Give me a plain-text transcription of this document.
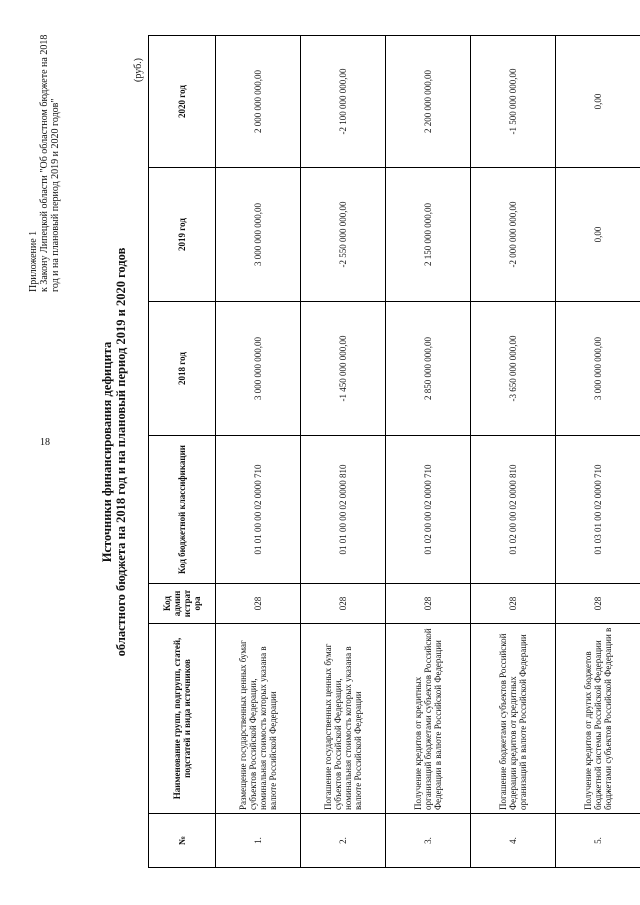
18
Приложение 1 к Закону Липецкой области "Об областном бюджете на 2018 год и на плановый период 2019 и 2020 годов"
Источники финансирования дефицита областного бюджета на 2018 год и на плановый период 2019 и 2020 годов
(руб.)
№	Наименование групп, подгрупп, статей, подстатей и вида источников	Код админ истрат ора	Код бюджетной классификации	2018 год	2019 год	2020 год
1.	Размещение государственных ценных бумаг субъектов Российской Федерации, номинальная стоимость которых указана в валюте Российской Федерации	028	01 01 00 00 02 0000 710	3 000 000 000,00	3 000 000 000,00	2 000 000 000,00
2.	Погашение государственных ценных бумаг субъектов Российской Федерации, номинальная стоимость которых указана в валюте Российской Федерации	028	01 01 00 00 02 0000 810	-1 450 000 000,00	-2 550 000 000,00	-2 100 000 000,00
3.	Получение кредитов от кредитных организаций бюджетами субъектов Российской Федерации в валюте Российской Федерации	028	01 02 00 00 02 0000 710	2 850 000 000,00	2 150 000 000,00	2 200 000 000,00
4.	Погашение бюджетами субъектов Российской Федерации кредитов от кредитных организаций в валюте Российской Федерации	028	01 02 00 00 02 0000 810	-3 650 000 000,00	-2 000 000 000,00	-1 500 000 000,00
5.	Получение кредитов от других бюджетов бюджетной системы Российской Федерации бюджетами субъектов Российской Федерации в	028	01 03 01 00 02 0000 710	3 000 000 000,00	0,00	0,00
